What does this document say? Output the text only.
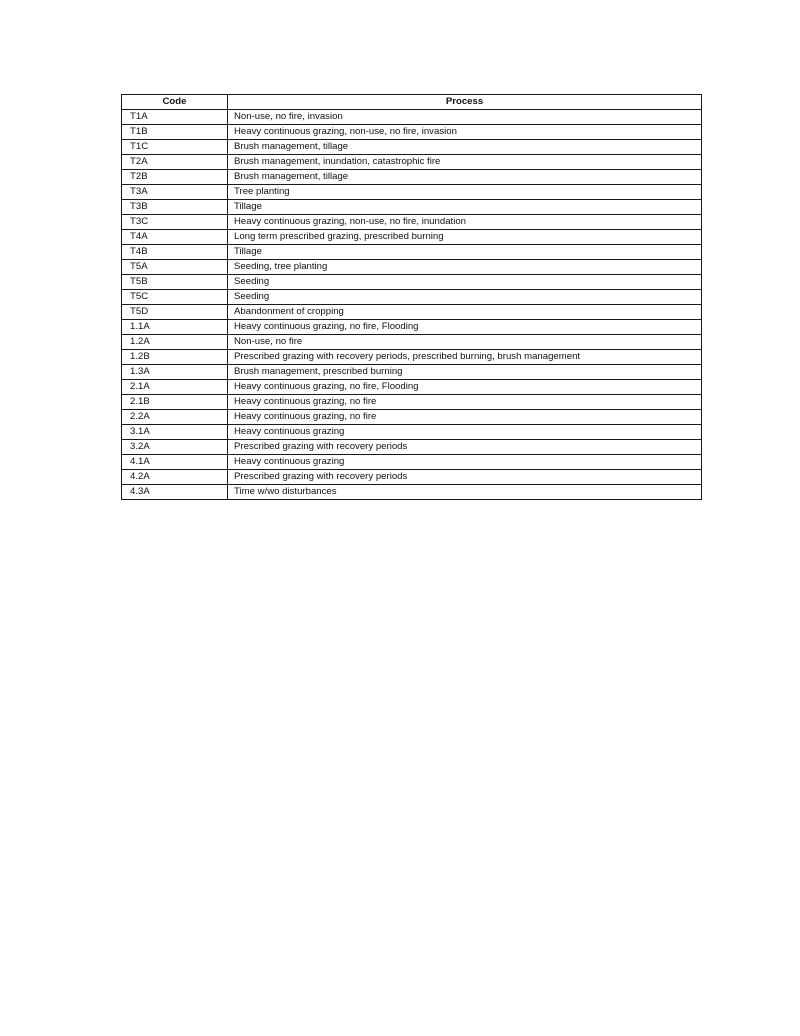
Code	Process
T1A	Non-use, no fire, invasion
T1B	Heavy continuous grazing, non-use, no fire, invasion
T1C	Brush management, tillage
T2A	Brush management, inundation, catastrophic fire
T2B	Brush management, tillage
T3A	Tree planting
T3B	Tillage
T3C	Heavy continuous grazing, non-use, no fire, inundation
T4A	Long term prescribed grazing, prescribed burning
T4B	Tillage
T5A	Seeding, tree planting
T5B	Seeding
T5C	Seeding
T5D	Abandonment of cropping
1.1A	Heavy continuous grazing, no fire, Flooding
1.2A	Non-use, no fire
1.2B	Prescribed grazing with recovery periods, prescribed burning, brush management
1.3A	Brush management, prescribed burning
2.1A	Heavy continuous grazing, no fire, Flooding
2.1B	Heavy continuous grazing, no fire
2.2A	Heavy continuous grazing, no fire
3.1A	Heavy continuous grazing
3.2A	Prescribed grazing with recovery periods
4.1A	Heavy continuous grazing
4.2A	Prescribed grazing with recovery periods
4.3A	Time w/wo disturbances
